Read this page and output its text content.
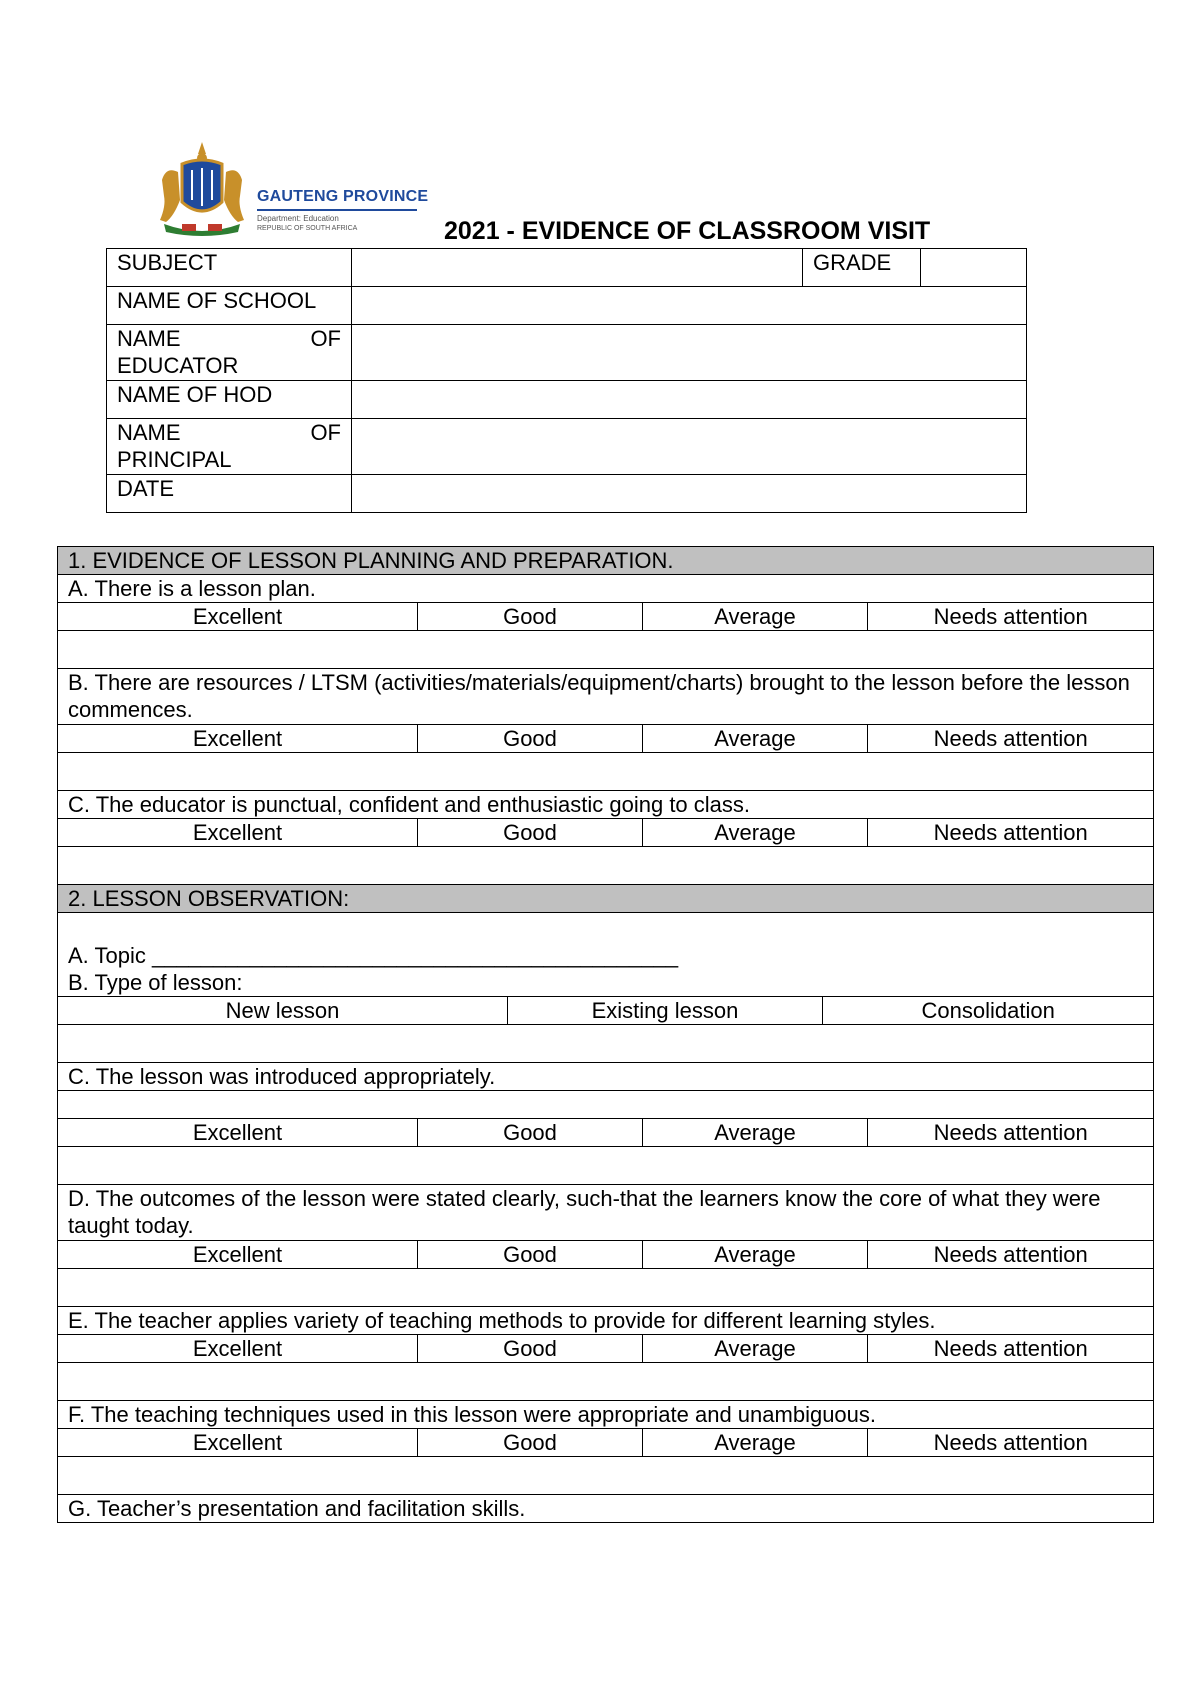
GAUTENG PROVINCE
Department: Education
REPUBLIC OF SOUTH AFRICA	2021 - EVIDENCE OF CLASSROOM VISIT
SUBJECT		GRADE	
NAME OF SCHOOL			

NAME OF
EDUCATOR			

NAME OF HOD			

NAME OF
PRINCIPAL			

DATE			
1. EVIDENCE OF LESSON PLANNING AND PREPARATION.					
A. There is a lesson plan.					
Excellent	Good		Average		Needs attention

B. There are resources / LTSM (activities/materials/equipment/charts) brought to the lesson before the lesson commences.					
Excellent	Good		Average		Needs attention

C. The educator is punctual, confident and enthusiastic going to class.					
Excellent	Good		Average		Needs attention

2. LESSON OBSERVATION:					

A. Topic ___________________________________________
B. Type of lesson:					

New lesson		Existing lesson		Consolidation	

C. The lesson was introduced appropriately.					

Excellent	Good		Average		Needs attention

D. The outcomes of the lesson were stated clearly, such-that the learners know the core of what they were taught today.					
Excellent	Good		Average		Needs attention

E. The teacher applies variety of teaching methods to provide for different learning styles.					
Excellent	Good		Average		Needs attention

F. The teaching techniques used in this lesson were appropriate and unambiguous.					
Excellent	Good		Average		Needs attention

G. Teacher’s presentation and facilitation skills.					
